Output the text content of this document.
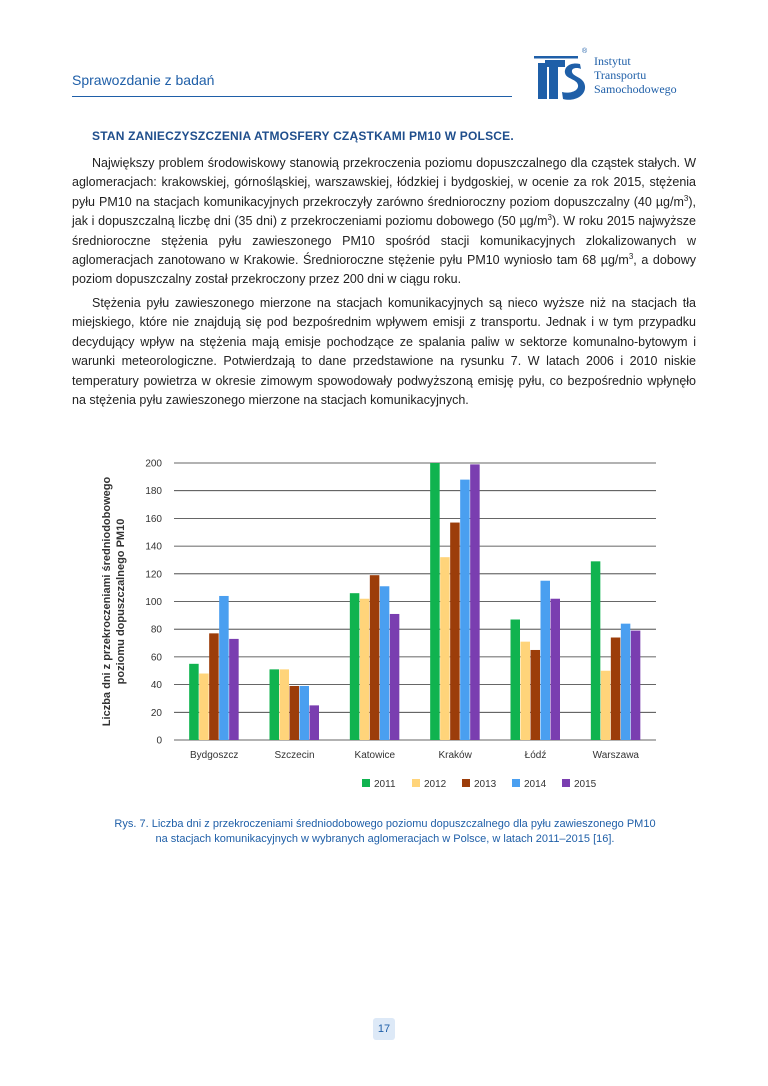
Sprawozdanie z badań
®
Instytut
Transportu
Samochodowego
STAN ZANIECZYSZCZENIA ATMOSFERY CZĄSTKAMI PM10 W POLSCE.

Największy problem środowiskowy stanowią przekroczenia poziomu dopuszczalnego dla cząstek stałych. W aglomeracjach: krakowskiej, górnośląskiej, warszawskiej, łódzkiej i bydgoskiej, w ocenie za rok 2015, stężenia pyłu PM10 na stacjach komunikacyjnych przekroczyły zarówno średnioroczny poziom dopuszczalny (40 $\mu g/m^3$), jak i dopuszczalną liczbę dni (35 dni) z przekroczeniami poziomu dobowego (50 $\mu g/m^3$). W roku 2015 najwyższe średnioroczne stężenia pyłu zawieszonego PM10 spośród stacji komunikacyjnych zlokalizowanych w aglomeracjach zanotowano w Krakowie. Średnioroczne stężenie pyłu PM10 wyniosło tam 68 $\mu g/m^3$, a dobowy poziom dopuszczalny został przekroczony przez 200 dni w ciągu roku.

Stężenia pyłu zawieszonego mierzone na stacjach komunikacyjnych są nieco wyższe niż na stacjach tła miejskiego, które nie znajdują się pod bezpośrednim wpływem emisji z transportu. Jednak i w tym przypadku decydujący wpływ na stężenia mają emisje pochodzące ze spalania paliw w sektorze komunalno-bytowym i warunki meteorologiczne. Potwierdzają to dane przedstawione na rysunku 7. W latach 2006 i 2010 niskie temperatury powietrza w okresie zimowym spowodowały podwyższoną emisję pyłu, co bezpośrednio wpłynęło na stężenia pyłu zawieszonego mierzone na stacjach komunikacyjnych.

0
20
40
60
80
100
120
140
160
180
200
Bydgoszcz	Szczecin	Katowice	Kraków	Łódź	Warszawa
2011	2012	2013	2014	2015
Liczba dni z przekroczeniami średniodobowego poziomu dopuszczalnego PM10
Rys. 7. Liczba dni z przekroczeniami średniodobowego poziomu dopuszczalnego dla pyłu zawieszonego PM10
na stacjach komunikacyjnych w wybranych aglomeracjach w Polsce, w latach 2011–2015 [16].
17
